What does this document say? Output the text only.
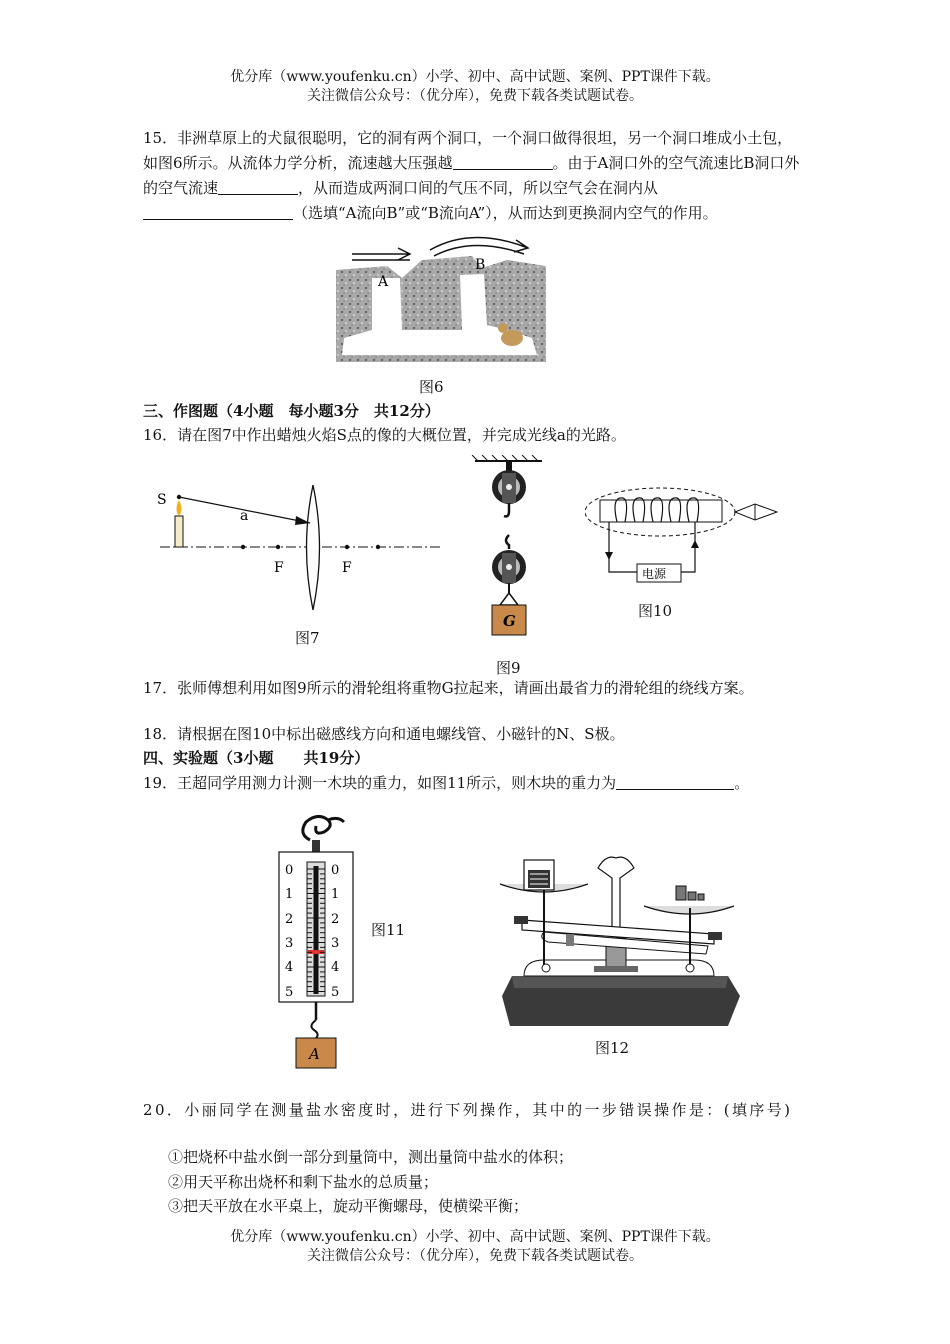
优分库（www.youfenku.cn）小学、初中、高中试题、案例、PPT课件下载。
关注微信公众号：（优分库），免费下载各类试题试卷。
15．非洲草原上的犬鼠很聪明，它的洞有两个洞口，一个洞口做得很坦，另一个洞口堆成小土包，如图6所示。从流体力学分析，流速越大压强越	。由于A洞口外的空气流速比B洞口外的空气流速	，从而造成两洞口间的气压不同，所以空气会在洞内从（选填“A流向B”或“B流向A”），从而达到更换洞内空气的作用。
A
B
图6
三、作图题（4小题　每小题3分　共12分）
16．请在图7中作出蜡烛火焰S点的像的大概位置，并完成光线a的光路。
S
a
F	F
图7
G
图9
电源
图10
17．张师傅想利用如图9所示的滑轮组将重物G拉起来，请画出最省力的滑轮组的绕线方案。
18．请根据在图10中标出磁感线方向和通电螺线管、小磁针的N、S极。
四、实验题（3小题　　共19分）
19．王超同学用测力计测一木块的重力，如图11所示，则木块的重力为	。
0
1
2
3
4
5
0
1
2
3
4
5
A
图11
图12
20．小丽同学在测量盐水密度时，进行下列操作，其中的一步错误操作是：(填序号)
①把烧杯中盐水倒一部分到量筒中，测出量筒中盐水的体积；
②用天平称出烧杯和剩下盐水的总质量；
③把天平放在水平桌上，旋动平衡螺母，使横梁平衡；
优分库（www.youfenku.cn）小学、初中、高中试题、案例、PPT课件下载。
关注微信公众号：（优分库），免费下载各类试题试卷。
